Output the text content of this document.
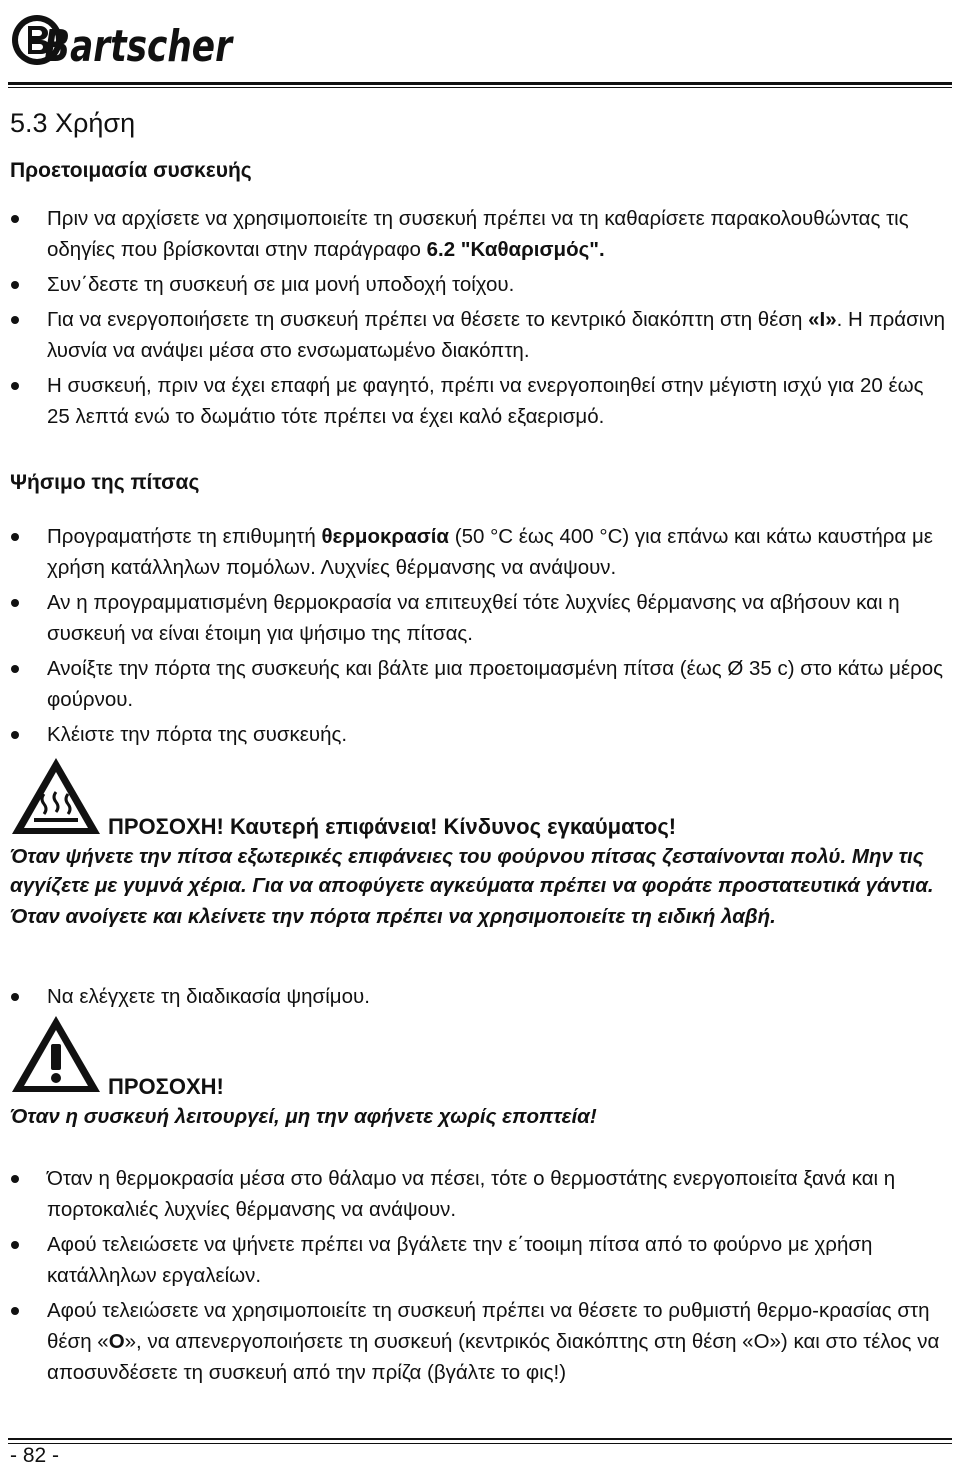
Bartscher
5.3 Χρήση
Προετοιμασία συσκευής
Πριν να αρχίσετε να χρησιμοποιείτε τη συσεκυή πρέπει να τη καθαρίσετε παρακολουθώντας τις οδηγίες που βρίσκονται στην παράγραφο 6.2 "Καθαρισμός".
Συν΄δεστε τη συσκευή σε μια μονή υποδοχή τοίχου.
Για να ενεργοποιήσετε τη συσκευή πρέπει να θέσετε το κεντρικό διακόπτη στη θέση «I». Η πράσινη λυσνία να ανάψει μέσα στο ενσωματωμένο διακόπτη.
Η συσκευή, πριν να έχει επαφή με φαγητό, πρέπι να ενεργοποιηθεί στην μέγιστη ισχύ για 20 έως 25 λεπτά ενώ το δωμάτιο τότε πρέπει να έχει καλό εξαερισμό.
Ψήσιμο της πίτσας
Προγραματήστε τη επιθυμητή θερμοκρασία (50 °C έως 400 °C) για επάνω και κάτω καυστήρα με χρήση κατάλληλων πομόλων. Λυχνίες θέρμανσης να ανάψουν.
Αν η προγραμματισμένη θερμοκρασία να επιτευχθεί τότε λυχνίες θέρμανσης να αβήσουν και η συσκευή να είναι έτοιμη για ψήσιμο της πίτσας.
Ανοίξτε την πόρτα της συσκευής και βάλτε μια προετοιμασμένη πίτσα (έως Ø 35 c) στο κάτω μέρος φούρνου.
Κλέιστε την πόρτα της συσκευής.
ΠΡΟΣΟΧΗ! Καυτερή επιφάνεια! Κίνδυνος εγκαύματος!

Όταν ψήνετε την πίτσα εξωτερικές επιφάνειες του φούρνου πίτσας ζεσταίνονται πολύ. Μην τις αγγίζετε με γυμνά χέρια. Για να αποφύγετε αγκεύματα πρέπει να φοράτε προστατευτικά γάντια.

Όταν ανοίγετε και κλείνετε την πόρτα πρέπει να χρησιμοποιείτε τη ειδική λαβή.

Να ελέγχετε τη διαδικασία ψησίμου.
ΠΡΟΣΟΧΗ!

Όταν η συσκευή λειτουργεί, μη την αφήνετε χωρίς εποπτεία!

Όταν η θερμοκρασία μέσα στο θάλαμο να πέσει, τότε ο θερμοστάτης ενεργοποιείτα ξανά και η πορτοκαλιές λυχνίες θέρμανσης να ανάψουν.
Αφού τελειώσετε να ψήνετε πρέπει να βγάλετε την ε΄τοοιμη πίτσα από το φούρνο με χρήση κατάλληλων εργαλείων.
Αφού τελειώσετε να χρησιμοποιείτε τη συσκευή πρέπει να θέσετε το ρυθμιστή θερμο-κρασίας στη θέση «O», να απενεργοποιήσετε τη συσκευή (κεντρικός διακόπτης στη θέση «O») και στο τέλος να αποσυνδέσετε τη συσκευή από την πρίζα (βγάλτε το φις!)
- 82 -
